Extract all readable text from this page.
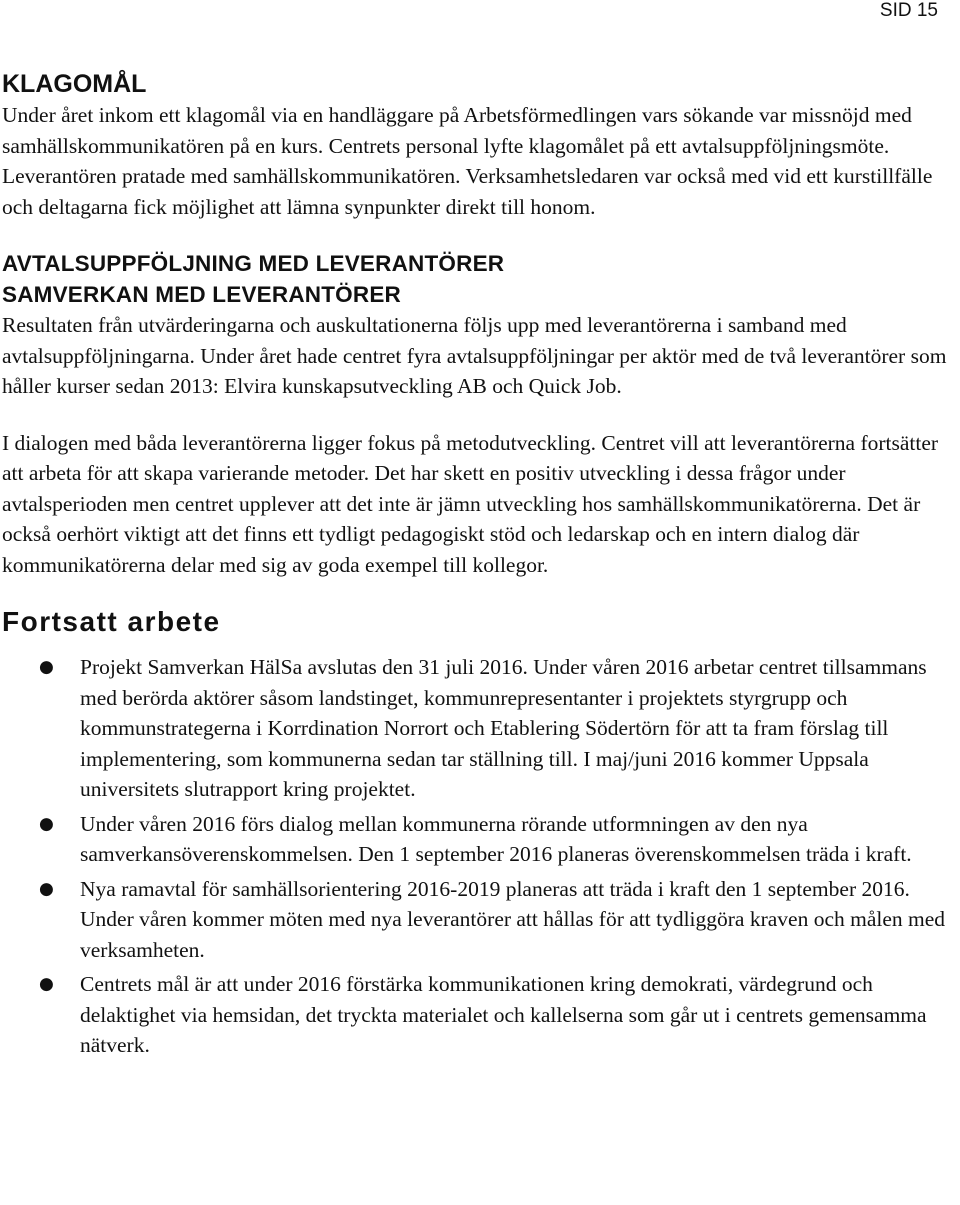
SID 15
KLAGOMÅL

Under året inkom ett klagomål via en handläggare på Arbetsförmedlingen vars sökande var missnöjd med samhällskommunikatören på en kurs. Centrets personal lyfte klagomålet på ett avtalsuppföljningsmöte. Leverantören pratade med samhällskommunikatören. Verksamhetsledaren var också med vid ett kurstillfälle och deltagarna fick möjlighet att lämna synpunkter direkt till honom.

AVTALSUPPFÖLJNING MED LEVERANTÖRER
SAMVERKAN MED LEVERANTÖRER

Resultaten från utvärderingarna och auskultationerna följs upp med leverantörerna i samband med avtalsuppföljningarna. Under året hade centret fyra avtalsuppföljningar per aktör med de två leverantörer som håller kurser sedan 2013: Elvira kunskapsutveckling AB och Quick Job.

I dialogen med båda leverantörerna ligger fokus på metodutveckling. Centret vill att leverantörerna fortsätter att arbeta för att skapa varierande metoder. Det har skett en positiv utveckling i dessa frågor under avtalsperioden men centret upplever att det inte är jämn utveckling hos samhällskommunikatörerna. Det är också oerhört viktigt att det finns ett tydligt pedagogiskt stöd och ledarskap och en intern dialog där kommunikatörerna delar med sig av goda exempel till kollegor.

Fortsatt arbete
● Projekt Samverkan HälSa avslutas den 31 juli 2016. Under våren 2016 arbetar centret tillsammans med berörda aktörer såsom landstinget, kommunrepresentanter i projektets styrgrupp och kommunstrategerna i Korrdination Norrort och Etablering Södertörn för att ta fram förslag till implementering, som kommunerna sedan tar ställning till. I maj/juni 2016 kommer Uppsala universitets slutrapport kring projektet.
● Under våren 2016 förs dialog mellan kommunerna rörande utformningen av den nya samverkansöverenskommelsen. Den 1 september 2016 planeras överenskommelsen träda i kraft.
● Nya ramavtal för samhällsorientering 2016-2019 planeras att träda i kraft den 1 september 2016. Under våren kommer möten med nya leverantörer att hållas för att tydliggöra kraven och målen med verksamheten.
● Centrets mål är att under 2016 förstärka kommunikationen kring demokrati, värdegrund och delaktighet via hemsidan, det tryckta materialet och kallelserna som går ut i centrets gemensamma nätverk.
